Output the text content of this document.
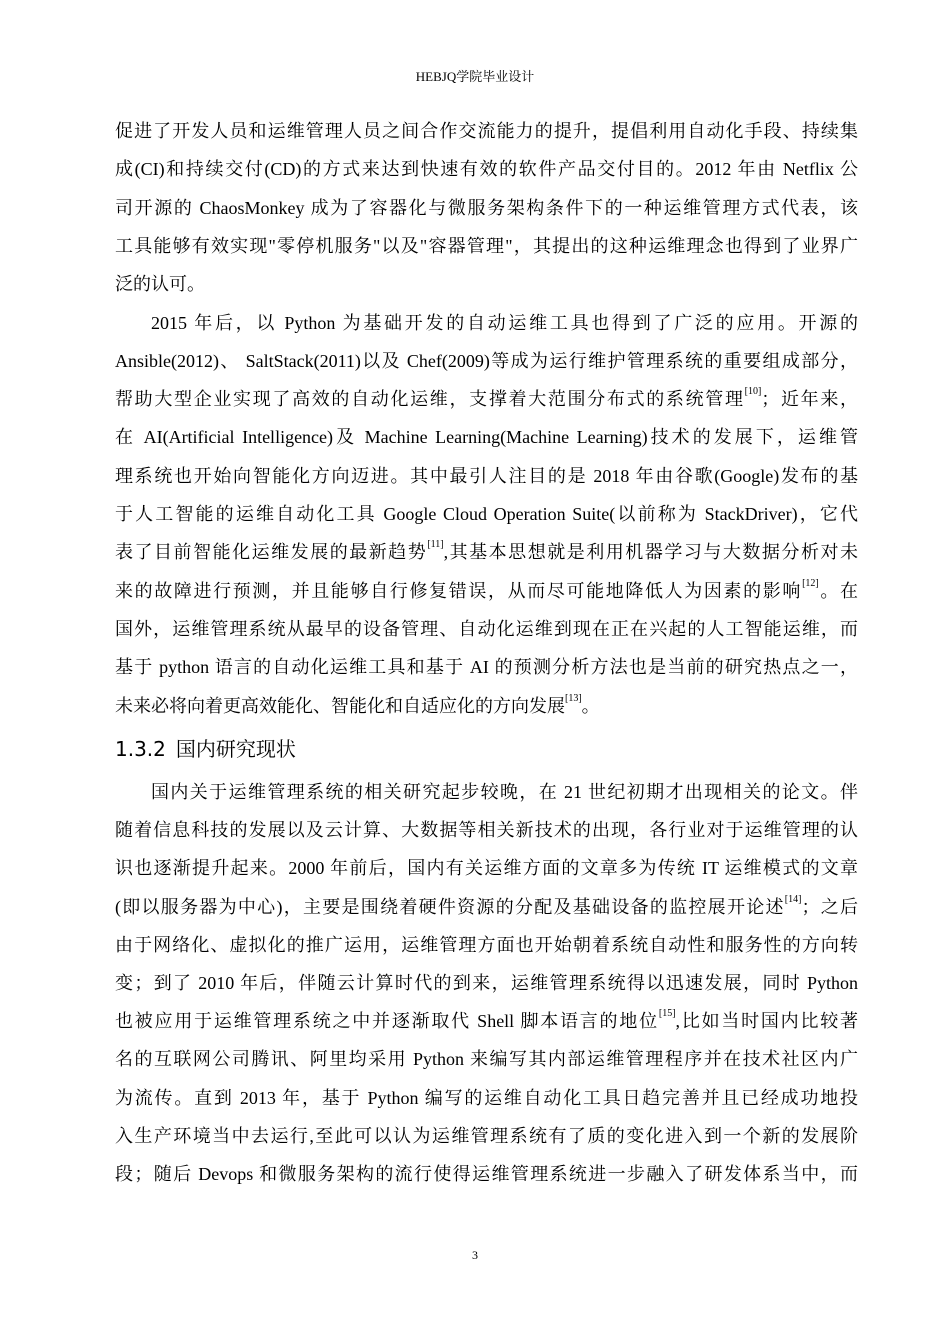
HEBJQ学院毕业设计
促进了开发人员和运维管理人员之间合作交流能力的提升，提倡利用自动化手段、持续集
成(CI)和持续交付(CD)的方式来达到快速有效的软件产品交付目的。2012 年由 Netflix 公
司开源的 ChaosMonkey 成为了容器化与微服务架构条件下的一种运维管理方式代表，该
工具能够有效实现"零停机服务"以及"容器管理"，其提出的这种运维理念也得到了业界广
泛的认可。
2015 年后，以 Python 为基础开发的自动运维工具也得到了广泛的应用。开源的
Ansible(2012)、 SaltStack(2011)以及 Chef(2009)等成为运行维护管理系统的重要组成部分，
帮助大型企业实现了高效的自动化运维，支撑着大范围分布式的系统管理[10]；近年来，
在 AI(Artificial Intelligence)及 Machine Learning(Machine Learning)技术的发展下，运维管
理系统也开始向智能化方向迈进。其中最引人注目的是 2018 年由谷歌(Google)发布的基
于人工智能的运维自动化工具 Google Cloud Operation Suite(以前称为 StackDriver)，它代
表了目前智能化运维发展的最新趋势[11],其基本思想就是利用机器学习与大数据分析对未
来的故障进行预测，并且能够自行修复错误，从而尽可能地降低人为因素的影响[12]。在
国外，运维管理系统从最早的设备管理、自动化运维到现在正在兴起的人工智能运维，而
基于 python 语言的自动化运维工具和基于 AI 的预测分析方法也是当前的研究热点之一，
未来必将向着更高效能化、智能化和自适应化的方向发展[13]。
1.3.2 国内研究现状
国内关于运维管理系统的相关研究起步较晚，在 21 世纪初期才出现相关的论文。伴
随着信息科技的发展以及云计算、大数据等相关新技术的出现，各行业对于运维管理的认
识也逐渐提升起来。2000 年前后，国内有关运维方面的文章多为传统 IT 运维模式的文章
(即以服务器为中心)，主要是围绕着硬件资源的分配及基础设备的监控展开论述[14]；之后
由于网络化、虚拟化的推广运用，运维管理方面也开始朝着系统自动性和服务性的方向转
变；到了 2010 年后，伴随云计算时代的到来，运维管理系统得以迅速发展，同时 Python
也被应用于运维管理系统之中并逐渐取代 Shell 脚本语言的地位[15],比如当时国内比较著
名的互联网公司腾讯、阿里均采用 Python 来编写其内部运维管理程序并在技术社区内广
为流传。直到 2013 年，基于 Python 编写的运维自动化工具日趋完善并且已经成功地投
入生产环境当中去运行,至此可以认为运维管理系统有了质的变化进入到一个新的发展阶
段；随后 Devops 和微服务架构的流行使得运维管理系统进一步融入了研发体系当中，而
3
